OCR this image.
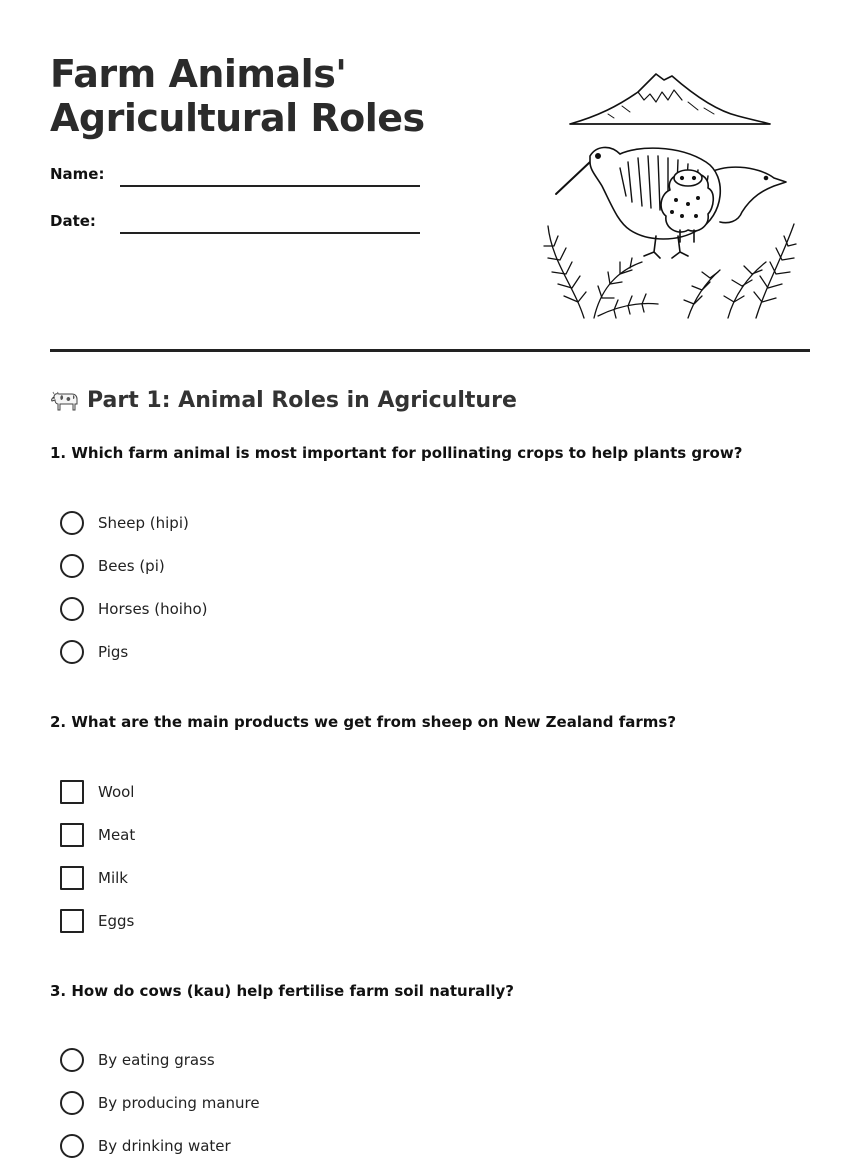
Farm Animals'
Agricultural Roles
Name:
Date:
Part 1: Animal Roles in Agriculture

1. Which farm animal is most important for pollinating crops to help plants grow?

Sheep (hipi)
Bees (pi)
Horses (hoiho)
Pigs

2. What are the main products we get from sheep on New Zealand farms?

Wool
Meat
Milk
Eggs

3. How do cows (kau) help fertilise farm soil naturally?

By eating grass
By producing manure
By drinking water
